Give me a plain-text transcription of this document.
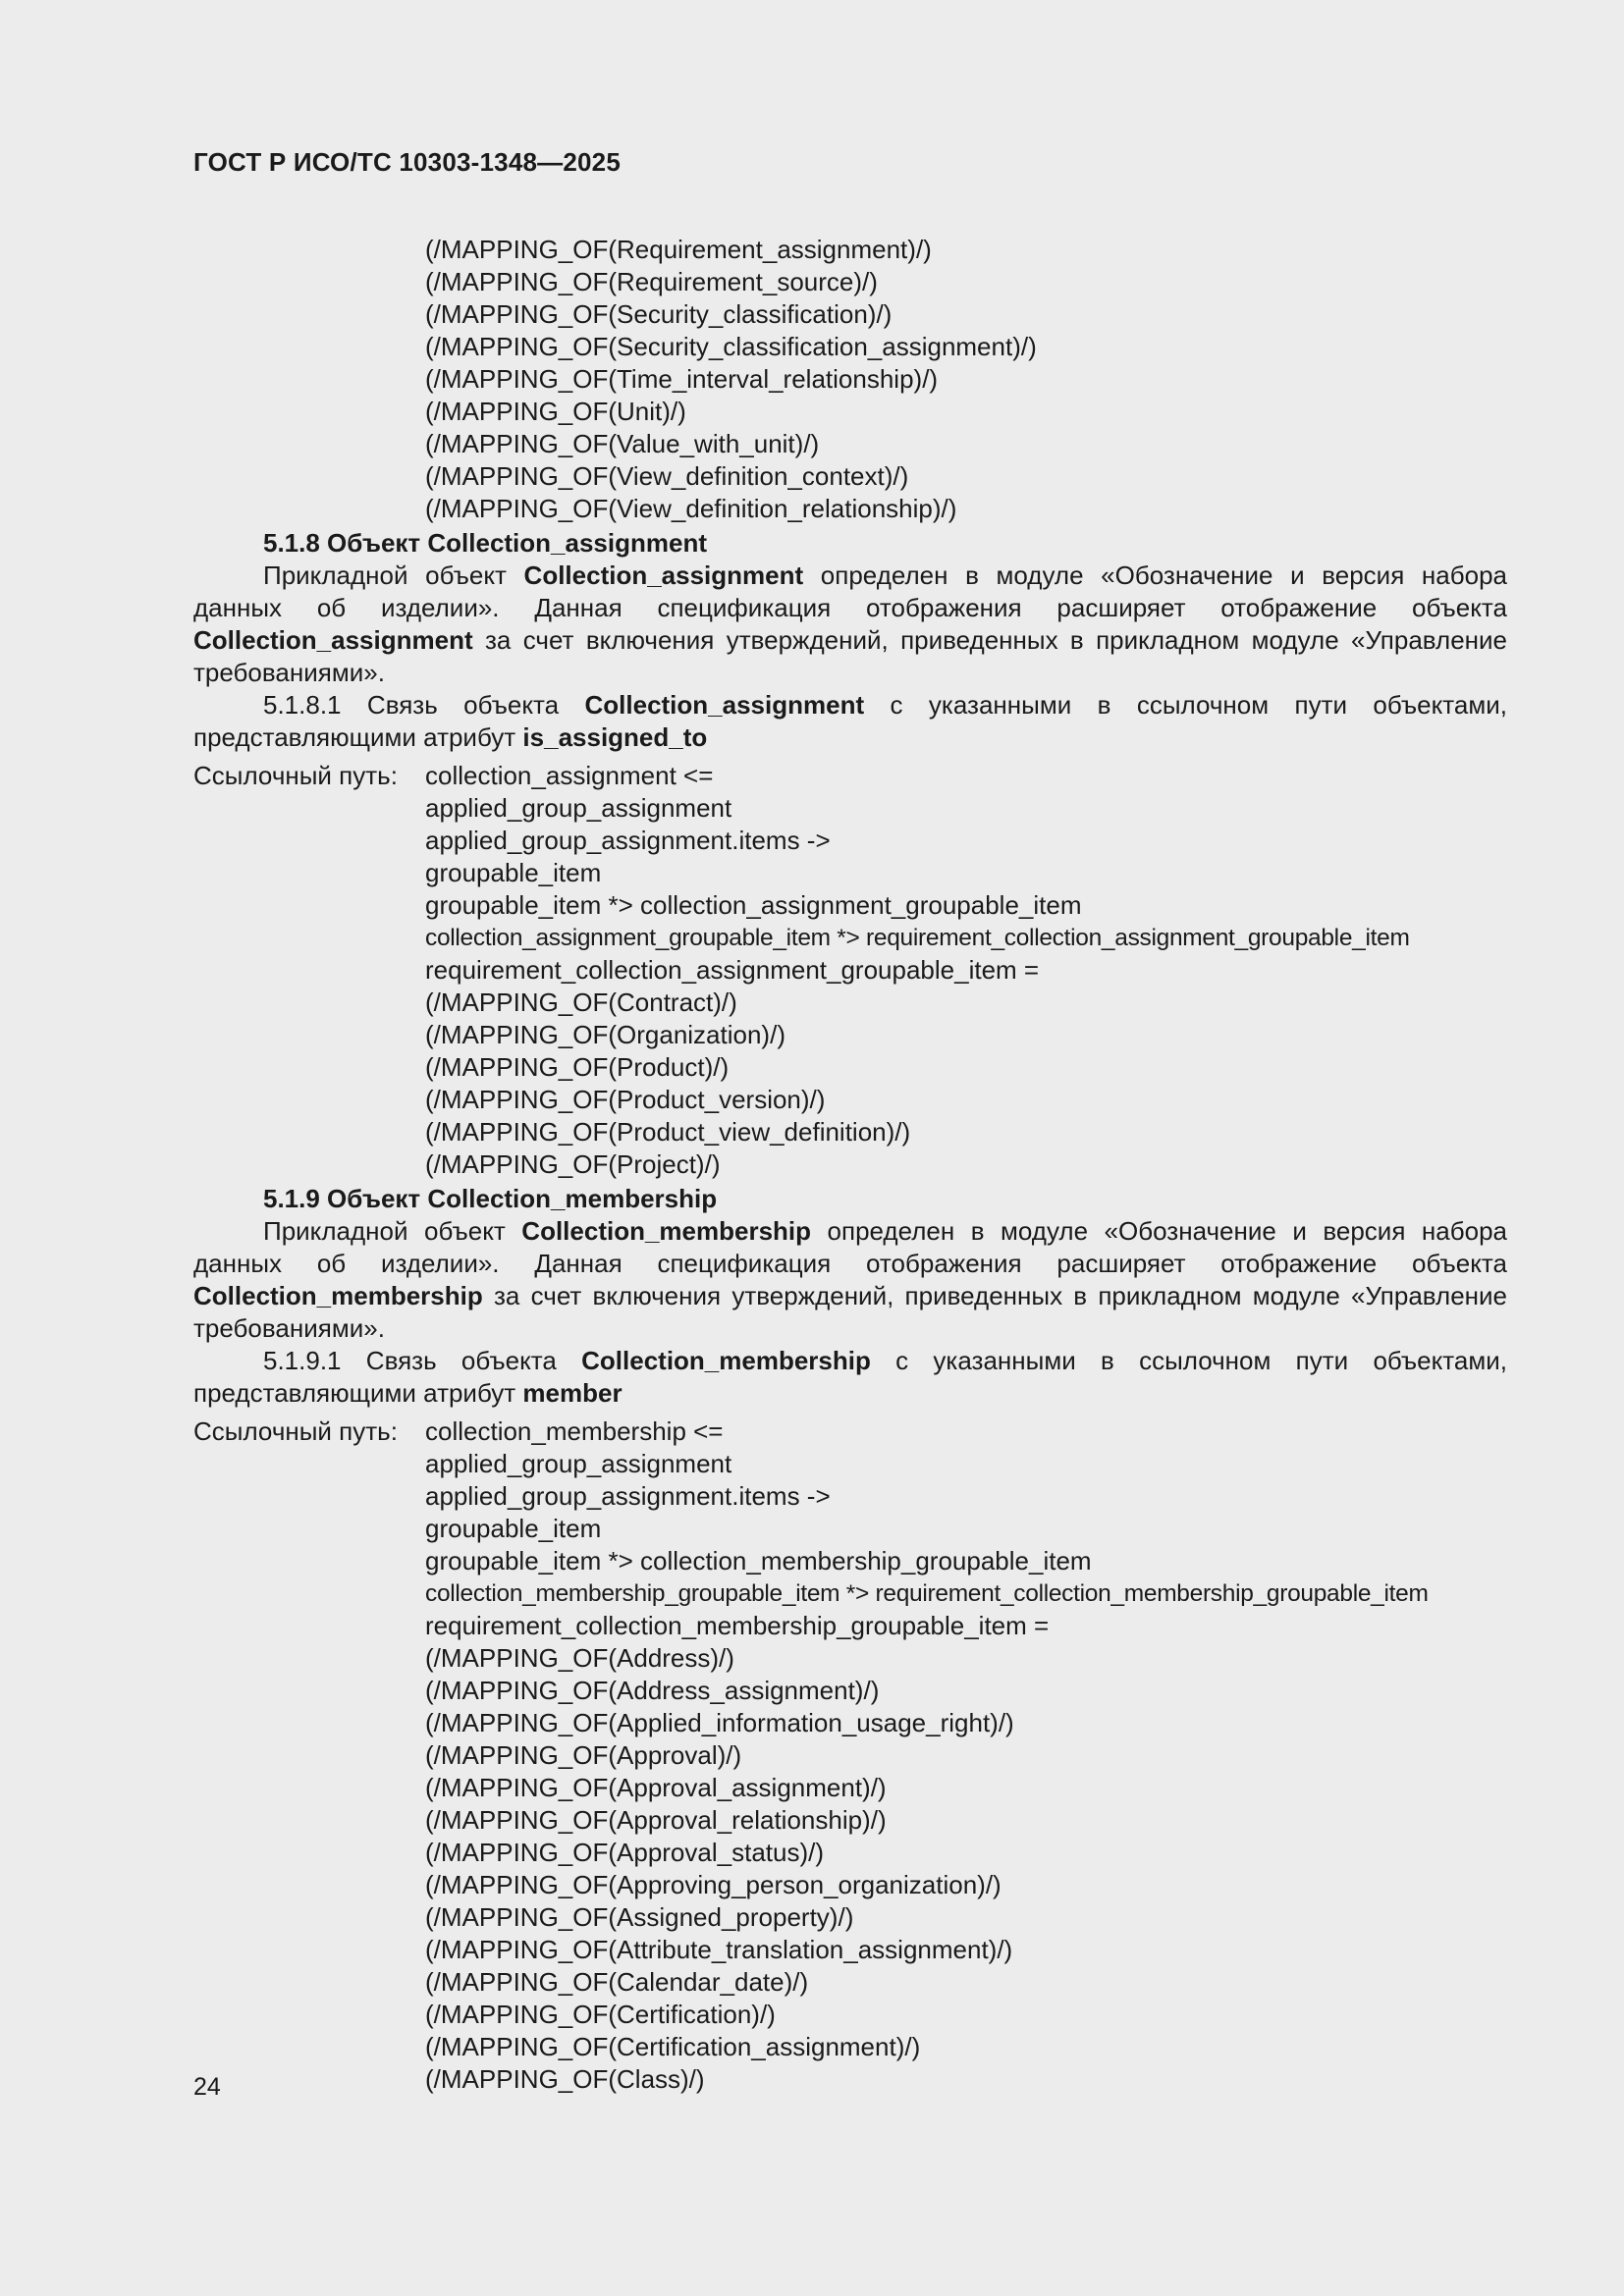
ГОСТ Р ИСО/ТС 10303-1348—2025
(/MAPPING_OF(Requirement_assignment)/)
(/MAPPING_OF(Requirement_source)/)
(/MAPPING_OF(Security_classification)/)
(/MAPPING_OF(Security_classification_assignment)/)
(/MAPPING_OF(Time_interval_relationship)/)
(/MAPPING_OF(Unit)/)
(/MAPPING_OF(Value_with_unit)/)
(/MAPPING_OF(View_definition_context)/)
(/MAPPING_OF(View_definition_relationship)/)
5.1.8 Объект Collection_assignment
Прикладной объект Collection_assignment определен в модуле «Обозначение и версия набора данных об изделии». Данная спецификация отображения расширяет отображение объекта Collection_assignment за счет включения утверждений, приведенных в прикладном модуле «Управление требованиями».
5.1.8.1 Связь объекта Collection_assignment с указанными в ссылочном пути объектами, представляющими атрибут is_assigned_to
Ссылочный путь:	collection_assignment <=
applied_group_assignment
applied_group_assignment.items ->
groupable_item
groupable_item *> collection_assignment_groupable_item
collection_assignment_groupable_item *> requirement_collection_assignment_groupable_item
requirement_collection_assignment_groupable_item =
(/MAPPING_OF(Contract)/)
(/MAPPING_OF(Organization)/)
(/MAPPING_OF(Product)/)
(/MAPPING_OF(Product_version)/)
(/MAPPING_OF(Product_view_definition)/)
(/MAPPING_OF(Project)/)
5.1.9 Объект Collection_membership
Прикладной объект Collection_membership определен в модуле «Обозначение и версия набора данных об изделии». Данная спецификация отображения расширяет отображение объекта Collection_membership за счет включения утверждений, приведенных в прикладном модуле «Управление требованиями».
5.1.9.1 Связь объекта Collection_membership с указанными в ссылочном пути объектами, представляющими атрибут member
Ссылочный путь:	collection_membership <=
applied_group_assignment
applied_group_assignment.items ->
groupable_item
groupable_item *> collection_membership_groupable_item
collection_membership_groupable_item *> requirement_collection_membership_groupable_item
requirement_collection_membership_groupable_item =
(/MAPPING_OF(Address)/)
(/MAPPING_OF(Address_assignment)/)
(/MAPPING_OF(Applied_information_usage_right)/)
(/MAPPING_OF(Approval)/)
(/MAPPING_OF(Approval_assignment)/)
(/MAPPING_OF(Approval_relationship)/)
(/MAPPING_OF(Approval_status)/)
(/MAPPING_OF(Approving_person_organization)/)
(/MAPPING_OF(Assigned_property)/)
(/MAPPING_OF(Attribute_translation_assignment)/)
(/MAPPING_OF(Calendar_date)/)
(/MAPPING_OF(Certification)/)
(/MAPPING_OF(Certification_assignment)/)
(/MAPPING_OF(Class)/)
24
